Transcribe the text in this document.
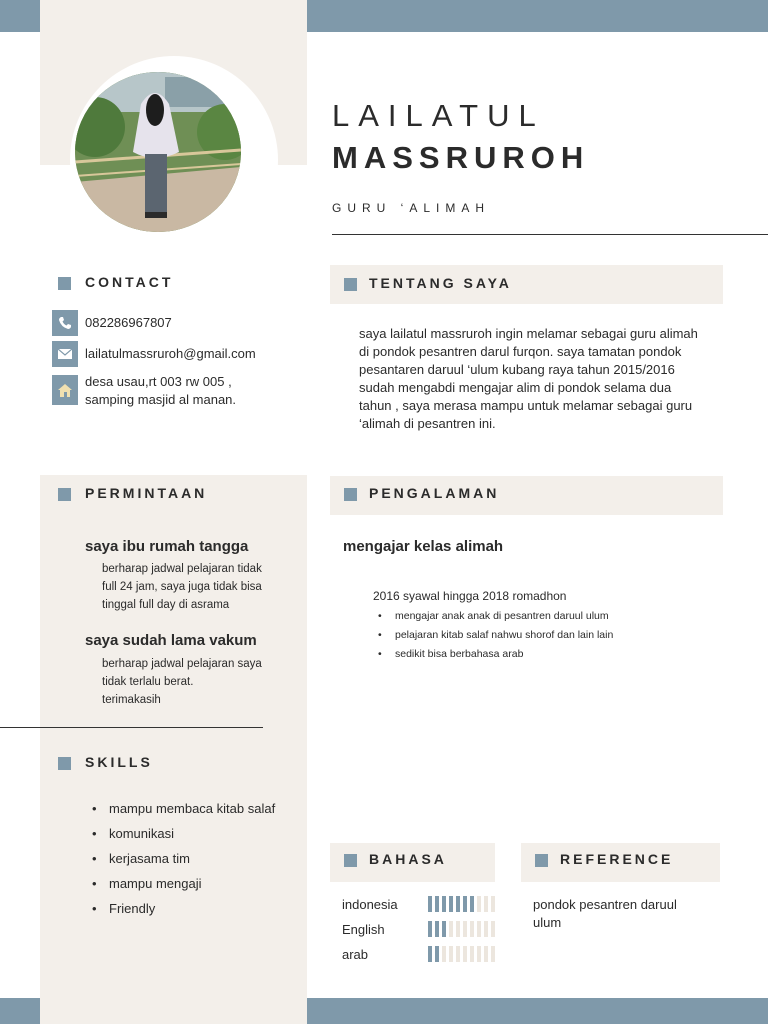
LAILATUL
MASSRUROH
GURU ‘ALIMAH
CONTACT
082286967807
lailatulmassruroh@gmail.com
desa usau,rt 003 rw 005 ,
samping masjid al manan.
TENTANG SAYA
saya lailatul massruroh ingin melamar sebagai guru alimah
di pondok pesantren darul furqon. saya tamatan pondok
pesantaren daruul ‘ulum kubang raya tahun 2015/2016
sudah mengabdi mengajar alim di pondok selama dua
tahun , saya merasa mampu untuk melamar sebagai guru
‘alimah di pesantren ini.
PERMINTAAN
saya ibu rumah tangga
berharap jadwal pelajaran tidak
full 24 jam, saya juga tidak bisa
tinggal full day di asrama
saya sudah lama vakum
berharap jadwal pelajaran saya
tidak terlalu berat.
terimakasih
PENGALAMAN
mengajar kelas alimah
2016 syawal hingga 2018 romadhon
• mengajar anak anak di pesantren daruul ulum
• pelajaran kitab salaf nahwu shorof dan lain lain
• sedikit bisa berbahasa arab
SKILLS
• mampu membaca kitab salaf
• komunikasi
• kerjasama tim
• mampu mengaji
• Friendly
BAHASA
indonesia
English
arab
REFERENCE
pondok pesantren daruul
ulum
